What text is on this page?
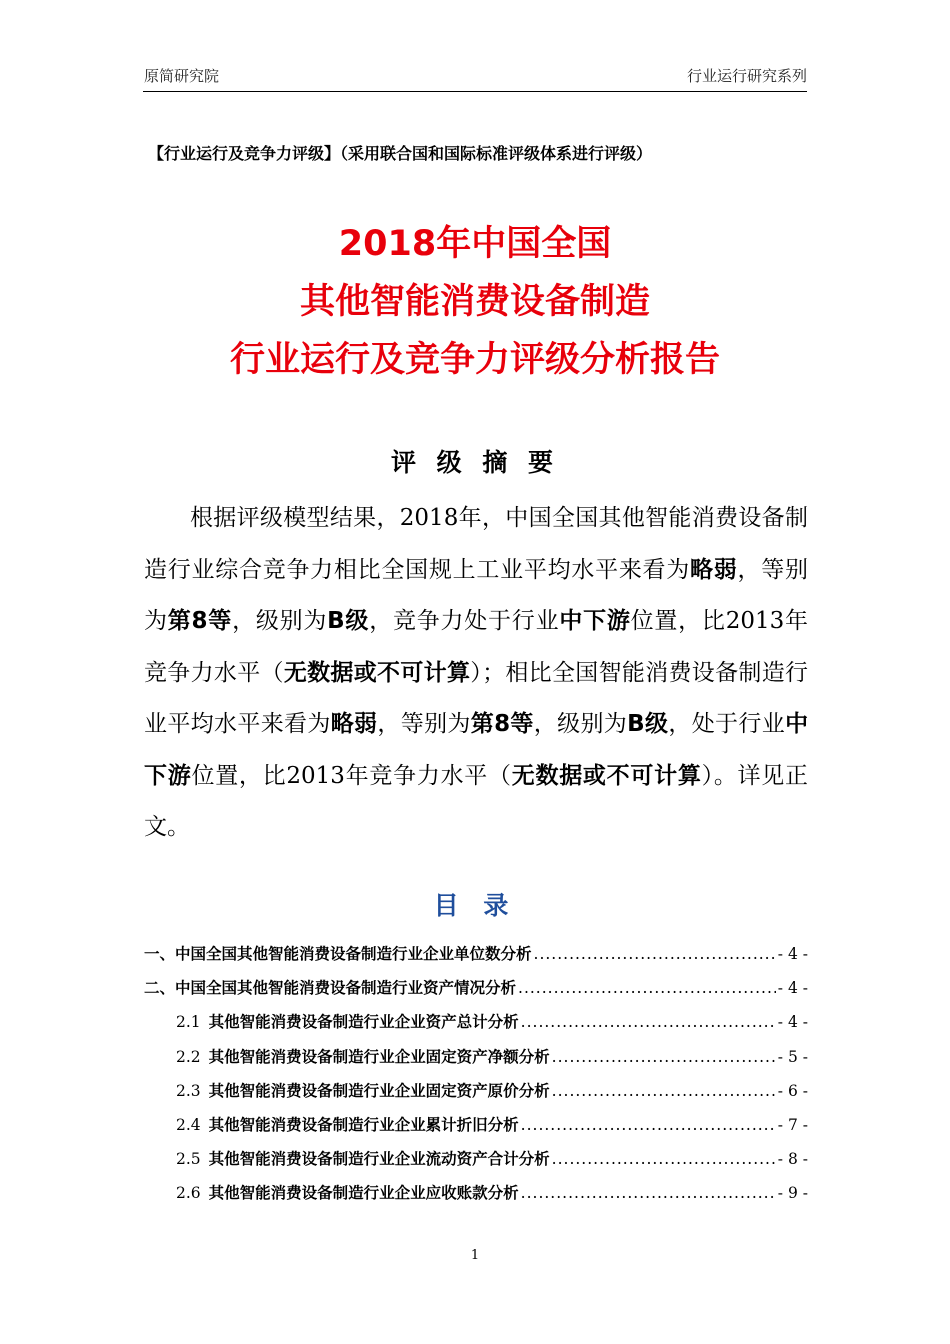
原简研究院	行业运行研究系列
【行业运行及竞争力评级】（采用联合国和国际标准评级体系进行评级）
2018年中国全国
其他智能消费设备制造
行业运行及竞争力评级分析报告
评 级 摘 要
根据评级模型结果，2018年，中国全国其他智能消费设备制造行业综合竞争力相比全国规上工业平均水平来看为略弱，等别为第8等，级别为B级，竞争力处于行业中下游位置，比2013年竞争力水平（无数据或不可计算）；相比全国智能消费设备制造行业平均水平来看为略弱，等别为第8等，级别为B级，处于行业中下游位置，比2013年竞争力水平（无数据或不可计算）。详见正文。
目 录
一、中国全国其他智能消费设备制造行业企业单位数分析 .....	- 4 -
二、中国全国其他智能消费设备制造行业资产情况分析 .....	- 4 -
2.1 其他智能消费设备制造行业企业资产总计分析 .....	- 4 -
2.2 其他智能消费设备制造行业企业固定资产净额分析 .....	- 5 -
2.3 其他智能消费设备制造行业企业固定资产原价分析 .....	- 6 -
2.4 其他智能消费设备制造行业企业累计折旧分析 .....	- 7 -
2.5 其他智能消费设备制造行业企业流动资产合计分析 .....	- 8 -
2.6 其他智能消费设备制造行业企业应收账款分析 .....	- 9 -
1
